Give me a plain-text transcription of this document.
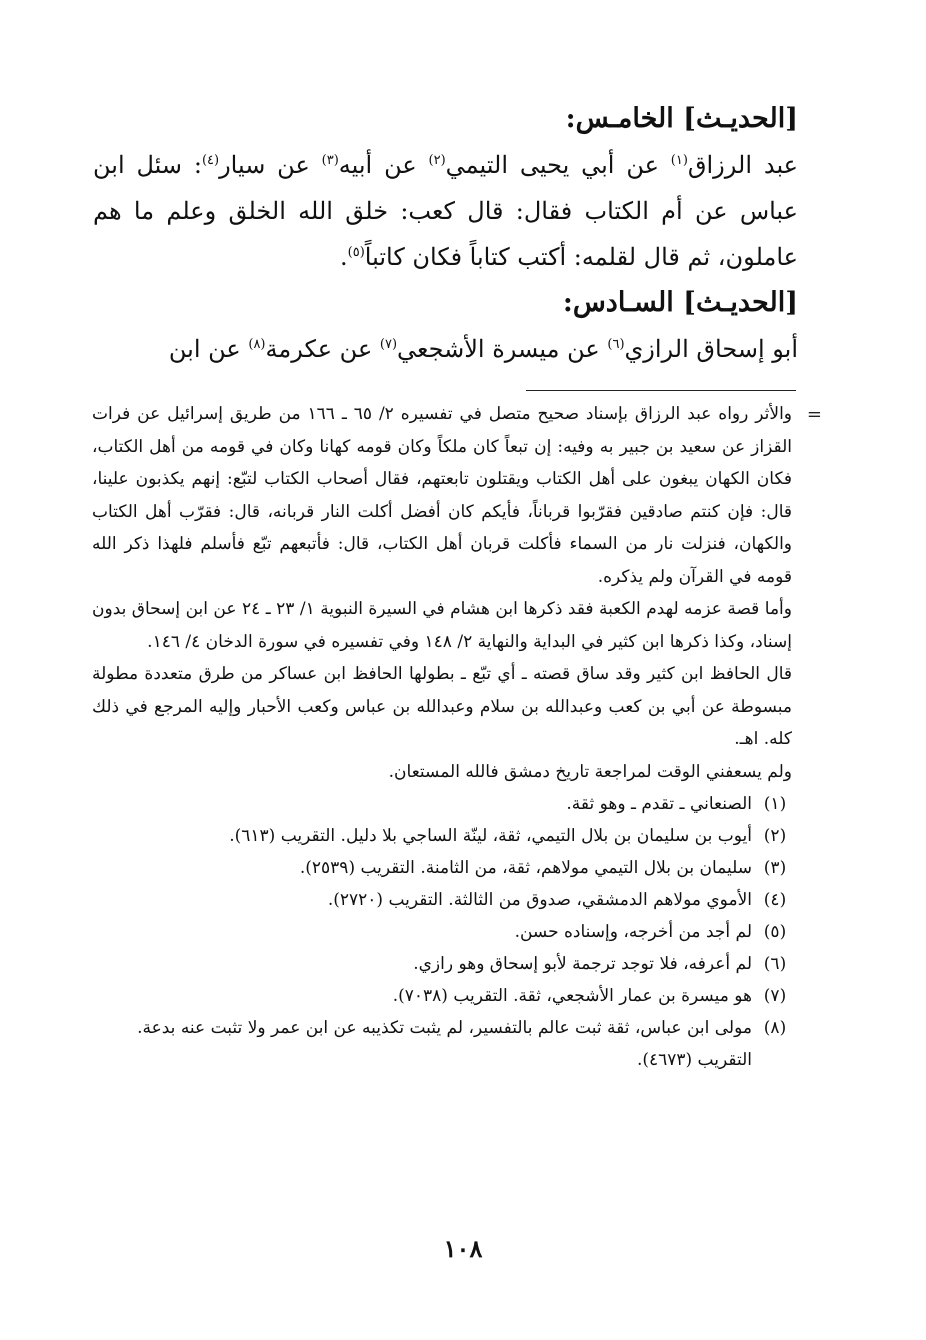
[الحديـث] الخامـس:

عبد الرزاق$^{(١)}$ عن أبي يحيى التيمي$^{(٢)}$ عن أبيه$^{(٣)}$ عن سيار$^{(٤)}$: سئل ابن عباس عن أم الكتاب فقال: قال كعب: خلق الله الخلق وعلم ما هم عاملون، ثم قال لقلمه: أكتب كتاباً فكان كاتباً$^{(٥)}$.

[الحديـث] السـادس:

أبو إسحاق الرازي$^{(٦)}$ عن ميسرة الأشجعي$^{(٧)}$ عن عكرمة$^{(٨)}$ عن ابن

=

والأثر رواه عبد الرزاق بإسناد صحيح متصل في تفسيره ٢/ ٦٥ ـ ١٦٦ من طريق إسرائيل عن فرات القزاز عن سعيد بن جبير به وفيه: إن تبعاً كان ملكاً وكان قومه كهانا وكان في قومه من أهل الكتاب، فكان الكهان يبغون على أهل الكتاب ويقتلون تابعتهم، فقال أصحاب الكتاب لتبّع: إنهم يكذبون علينا، قال: فإن كنتم صادقين فقرّبوا قرباناً، فأيكم كان أفضل أكلت النار قربانه، قال: فقرّب أهل الكتاب والكهان، فنزلت نار من السماء فأكلت قربان أهل الكتاب، قال: فأتبعهم تبّع فأسلم فلهذا ذكر الله قومه في القرآن ولم يذكره.

وأما قصة عزمه لهدم الكعبة فقد ذكرها ابن هشام في السيرة النبوية ١/ ٢٣ ـ ٢٤ عن ابن إسحاق بدون إسناد، وكذا ذكرها ابن كثير في البداية والنهاية ٢/ ١٤٨ وفي تفسيره في سورة الدخان ٤/ ١٤٦.

قال الحافظ ابن كثير وقد ساق قصته ـ أي تبّع ـ بطولها الحافظ ابن عساكر من طرق متعددة مطولة مبسوطة عن أبي بن كعب وعبدالله بن سلام وعبدالله بن عباس وكعب الأحبار وإليه المرجع في ذلك كله. اهـ.

ولم يسعفني الوقت لمراجعة تاريخ دمشق فالله المستعان.

(١)
الصنعاني ـ تقدم ـ وهو ثقة.
(٢)
أيوب بن سليمان بن بلال التيمي، ثقة، لينّة الساجي بلا دليل. التقريب (٦١٣).
(٣)
سليمان بن بلال التيمي مولاهم، ثقة، من الثامنة. التقريب (٢٥٣٩).
(٤)
الأموي مولاهم الدمشقي، صدوق من الثالثة. التقريب (٢٧٢٠).
(٥)
لم أجد من أخرجه، وإسناده حسن.
(٦)
لم أعرفه، فلا توجد ترجمة لأبو إسحاق وهو رازي.
(٧)
هو ميسرة بن عمار الأشجعي، ثقة. التقريب (٧٠٣٨).
(٨)
مولى ابن عباس، ثقة ثبت عالم بالتفسير، لم يثبت تكذيبه عن ابن عمر ولا تثبت عنه بدعة. التقريب (٤٦٧٣).
١٠٨
